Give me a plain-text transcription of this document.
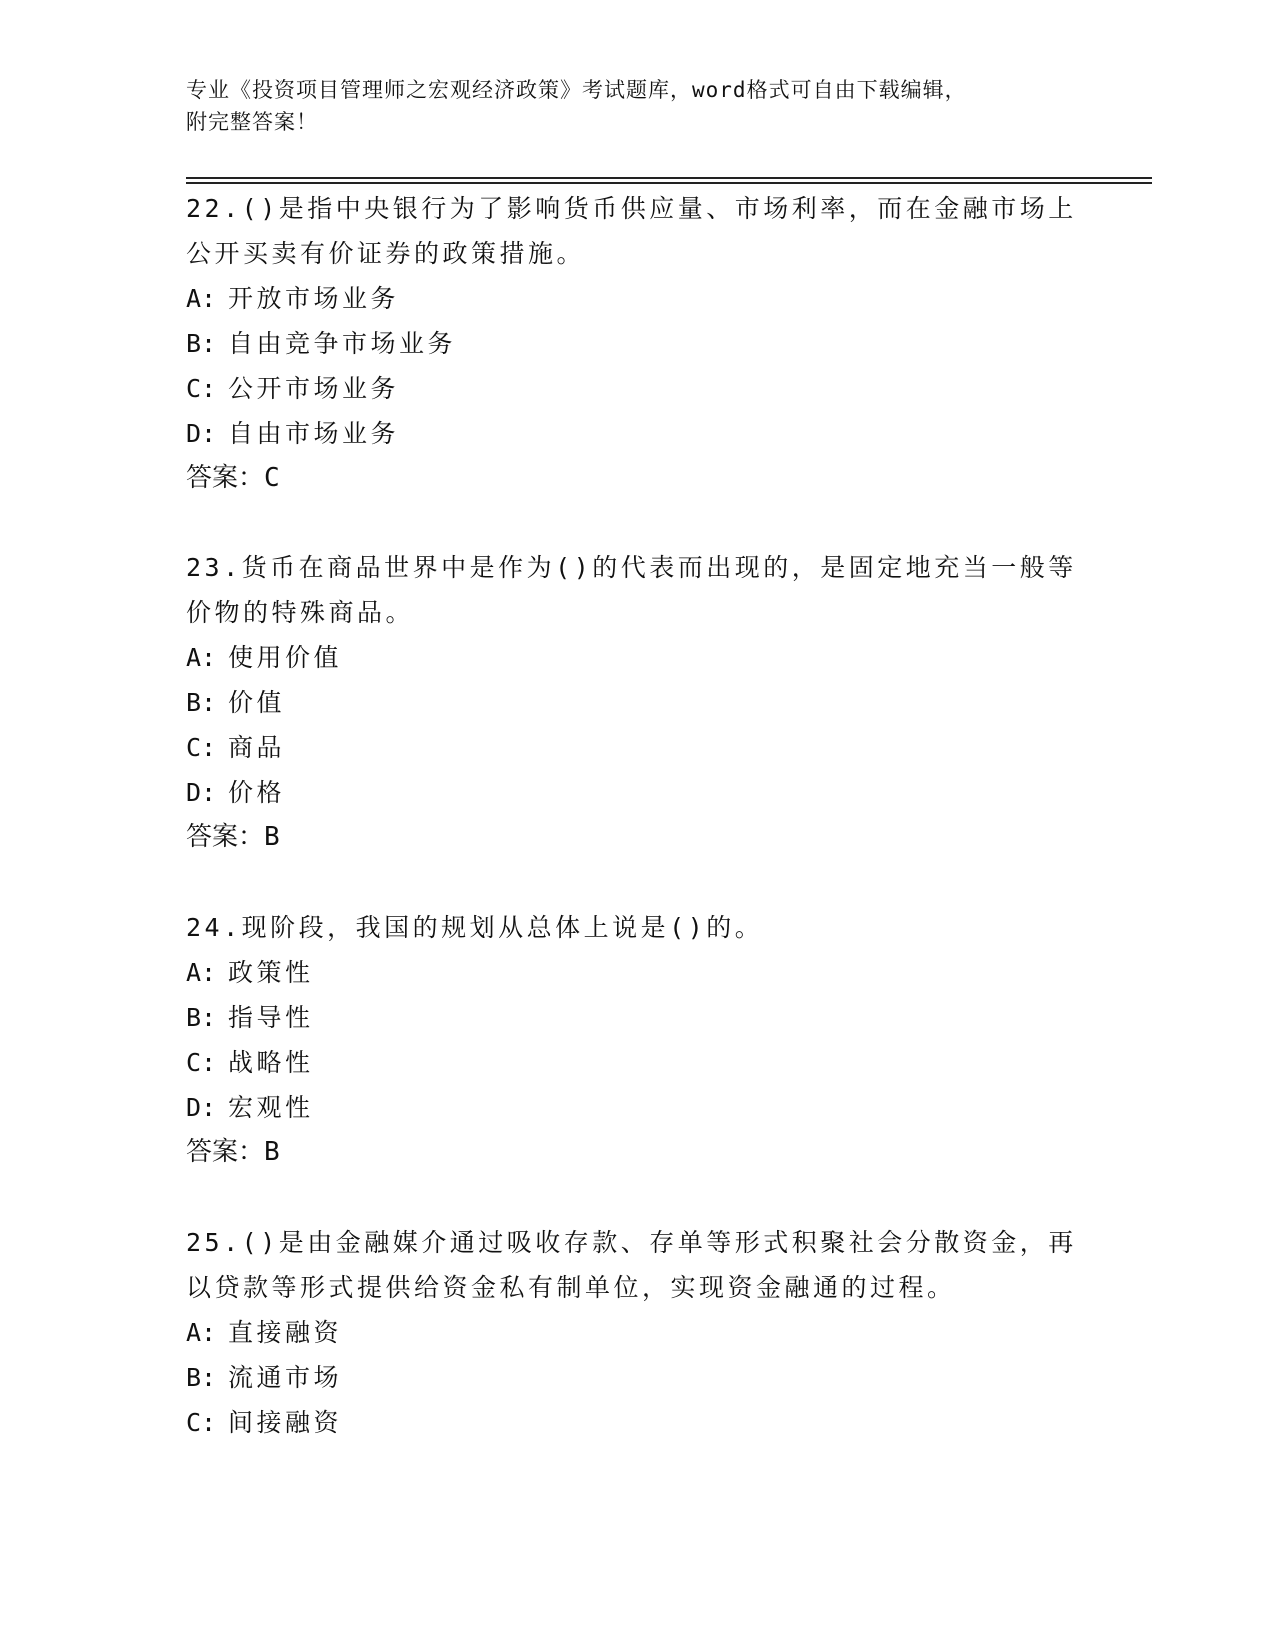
专业《投资项目管理师之宏观经济政策》考试题库，word格式可自由下载编辑，
附完整答案！

22.()是指中央银行为了影响货币供应量、市场利率，而在金融市场上公开买卖有价证券的政策措施。

A: 开放市场业务

B: 自由竞争市场业务

C: 公开市场业务

D: 自由市场业务

答案：C

23.货币在商品世界中是作为()的代表而出现的，是固定地充当一般等价物的特殊商品。

A: 使用价值

B: 价值

C: 商品

D: 价格

答案：B

24.现阶段，我国的规划从总体上说是()的。

A: 政策性

B: 指导性

C: 战略性

D: 宏观性

答案：B

25.()是由金融媒介通过吸收存款、存单等形式积聚社会分散资金，再以贷款等形式提供给资金私有制单位，实现资金融通的过程。

A: 直接融资

B: 流通市场

C: 间接融资
